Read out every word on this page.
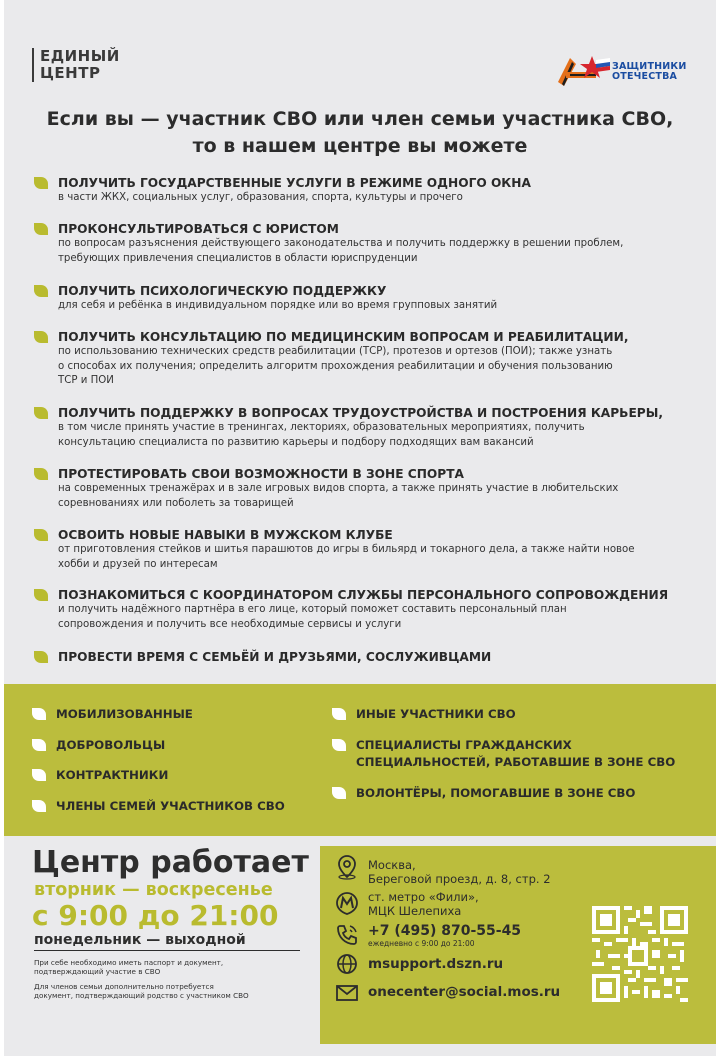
ЕДИНЫЙ
ЦЕНТР	ЗАЩИТНИКИ
ОТЕЧЕСТВА
Если вы — участник СВО или член семьи участника СВО,
то в нашем центре вы можете
ПОЛУЧИТЬ ГОСУДАРСТВЕННЫЕ УСЛУГИ В РЕЖИМЕ ОДНОГО ОКНА
в части ЖКХ, социальных услуг, образования, спорта, культуры и прочего
ПРОКОНСУЛЬТИРОВАТЬСЯ С ЮРИСТОМ
по вопросам разъяснения действующего законодательства и получить поддержку в решении проблем,
требующих привлечения специалистов в области юриспруденции
ПОЛУЧИТЬ ПСИХОЛОГИЧЕСКУЮ ПОДДЕРЖКУ
для себя и ребёнка в индивидуальном порядке или во время групповых занятий
ПОЛУЧИТЬ КОНСУЛЬТАЦИЮ ПО МЕДИЦИНСКИМ ВОПРОСАМ И РЕАБИЛИТАЦИИ,
по использованию технических средств реабилитации (ТСР), протезов и ортезов (ПОИ); также узнать
о способах их получения; определить алгоритм прохождения реабилитации и обучения пользованию
ТСР и ПОИ
ПОЛУЧИТЬ ПОДДЕРЖКУ В ВОПРОСАХ ТРУДОУСТРОЙСТВА И ПОСТРОЕНИЯ КАРЬЕРЫ,
в том числе принять участие в тренингах, лекториях, образовательных мероприятиях, получить
консультацию специалиста по развитию карьеры и подбору подходящих вам вакансий
ПРОТЕСТИРОВАТЬ СВОИ ВОЗМОЖНОСТИ В ЗОНЕ СПОРТА
на современных тренажёрах и в зале игровых видов спорта, а также принять участие в любительских
соревнованиях или поболеть за товарищей
ОСВОИТЬ НОВЫЕ НАВЫКИ В МУЖСКОМ КЛУБЕ
от приготовления стейков и шитья парашютов до игры в бильярд и токарного дела, а также найти новое
хобби и друзей по интересам
ПОЗНАКОМИТЬСЯ С КООРДИНАТОРОМ СЛУЖБЫ ПЕРСОНАЛЬНОГО СОПРОВОЖДЕНИЯ
и получить надёжного партнёра в его лице, который поможет составить персональный план
сопровождения и получить все необходимые сервисы и услуги
ПРОВЕСТИ ВРЕМЯ С СЕМЬЁЙ И ДРУЗЬЯМИ, СОСЛУЖИВЦАМИ
МОБИЛИЗОВАННЫЕ
ДОБРОВОЛЬЦЫ
КОНТРАКТНИКИ
ЧЛЕНЫ СЕМЕЙ УЧАСТНИКОВ СВО
ИНЫЕ УЧАСТНИКИ СВО
СПЕЦИАЛИСТЫ ГРАЖДАНСКИХ
СПЕЦИАЛЬНОСТЕЙ, РАБОТАВШИЕ В ЗОНЕ СВО
ВОЛОНТЁРЫ, ПОМОГАВШИЕ В ЗОНЕ СВО
Центр работает
вторник — воскресенье
с 9:00 до 21:00
понедельник — выходной
При себе необходимо иметь паспорт и документ,
подтверждающий участие в СВО
Для членов семьи дополнительно потребуется
документ, подтверждающий родство с участником СВО
Москва,
Береговой проезд, д. 8, стр. 2
ст. метро «Фили»,
МЦК Шелепиха
+7 (495) 870-55-45
ежедневно с 9:00 до 21:00
msupport.dszn.ru
onecenter@social.mos.ru
